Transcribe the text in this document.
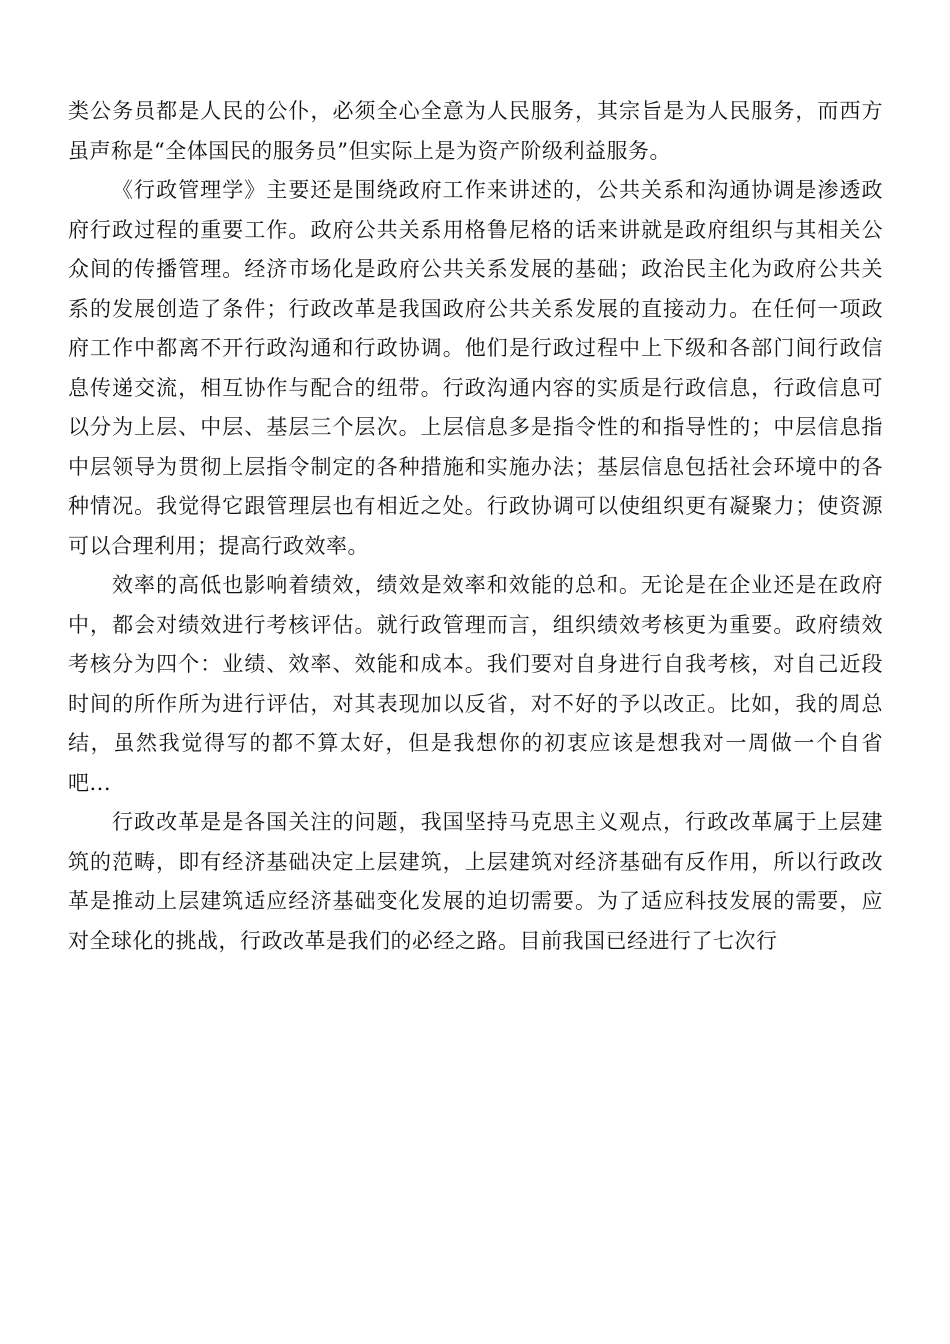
类公务员都是人民的公仆，必须全心全意为人民服务，其宗旨是为人民服务，而西方虽声称是“全体国民的服务员”但实际上是为资产阶级利益服务。

《行政管理学》主要还是围绕政府工作来讲述的，公共关系和沟通协调是渗透政府行政过程的重要工作。政府公共关系用格鲁尼格的话来讲就是政府组织与其相关公众间的传播管理。经济市场化是政府公共关系发展的基础；政治民主化为政府公共关系的发展创造了条件；行政改革是我国政府公共关系发展的直接动力。在任何一项政府工作中都离不开行政沟通和行政协调。他们是行政过程中上下级和各部门间行政信息传递交流，相互协作与配合的纽带。行政沟通内容的实质是行政信息，行政信息可以分为上层、中层、基层三个层次。上层信息多是指令性的和指导性的；中层信息指中层领导为贯彻上层指令制定的各种措施和实施办法；基层信息包括社会环境中的各种情况。我觉得它跟管理层也有相近之处。行政协调可以使组织更有凝聚力；使资源可以合理利用；提高行政效率。

效率的高低也影响着绩效，绩效是效率和效能的总和。无论是在企业还是在政府中，都会对绩效进行考核评估。就行政管理而言，组织绩效考核更为重要。政府绩效考核分为四个：业绩、效率、效能和成本。我们要对自身进行自我考核，对自己近段时间的所作所为进行评估，对其表现加以反省，对不好的予以改正。比如，我的周总结，虽然我觉得写的都不算太好，但是我想你的初衷应该是想我对一周做一个自省吧...

行政改革是是各国关注的问题，我国坚持马克思主义观点，行政改革属于上层建筑的范畴，即有经济基础决定上层建筑，上层建筑对经济基础有反作用，所以行政改革是推动上层建筑适应经济基础变化发展的迫切需要。为了适应科技发展的需要，应对全球化的挑战，行政改革是我们的必经之路。目前我国已经进行了七次行
